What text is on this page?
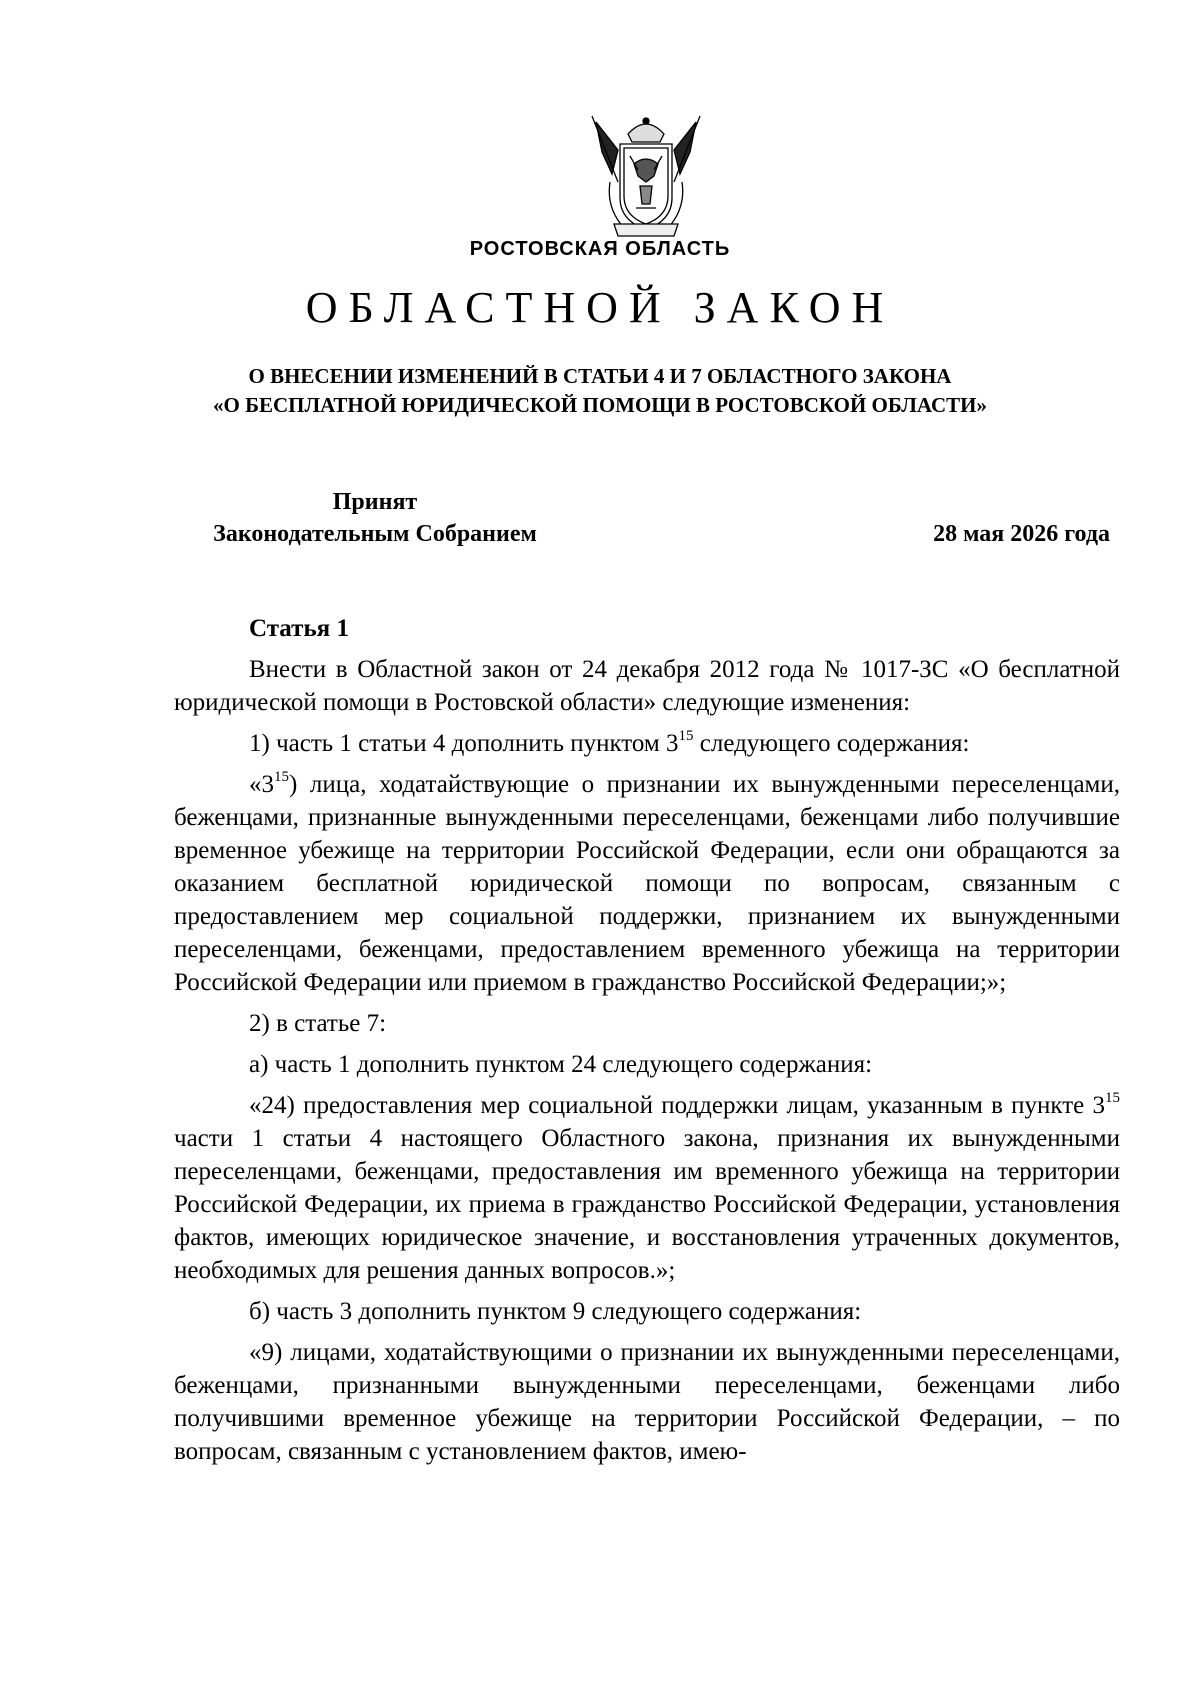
РОСТОВСКАЯ ОБЛАСТЬ
ОБЛАСТНОЙ ЗАКОН
О ВНЕСЕНИИ ИЗМЕНЕНИЙ В СТАТЬИ 4 И 7 ОБЛАСТНОГО ЗАКОНА
«О БЕСПЛАТНОЙ ЮРИДИЧЕСКОЙ ПОМОЩИ В РОСТОВСКОЙ ОБЛАСТИ»
Принят
Законодательным Собранием	28 мая 2026 года
Статья 1

Внести в Областной закон от 24 декабря 2012 года № 1017-ЗС «О бесплатной юридической помощи в Ростовской области» следующие изменения:

1) часть 1 статьи 4 дополнить пунктом $3^{15}$ следующего содержания:

«$3^{15}$) лица, ходатайствующие о признании их вынужденными переселенцами, беженцами, признанные вынужденными переселенцами, беженцами либо получившие временное убежище на территории Российской Федерации, если они обращаются за оказанием бесплатной юридической помощи по вопросам, связанным с предоставлением мер социальной поддержки, признанием их вынужденными переселенцами, беженцами, предоставлением временного убежища на территории Российской Федерации или приемом в гражданство Российской Федерации;»;

2) в статье 7:

а) часть 1 дополнить пунктом 24 следующего содержания:

«24) предоставления мер социальной поддержки лицам, указанным в пункте $3^{15}$ части 1 статьи 4 настоящего Областного закона, признания их вынужденными переселенцами, беженцами, предоставления им временного убежища на территории Российской Федерации, их приема в гражданство Российской Федерации, установления фактов, имеющих юридическое значение, и восстановления утраченных документов, необходимых для решения данных вопросов.»;

б) часть 3 дополнить пунктом 9 следующего содержания:

«9) лицами, ходатайствующими о признании их вынужденными переселенцами, беженцами, признанными вынужденными переселенцами, беженцами либо получившими временное убежище на территории Российской Федерации, – по вопросам, связанным с установлением фактов, имею-
